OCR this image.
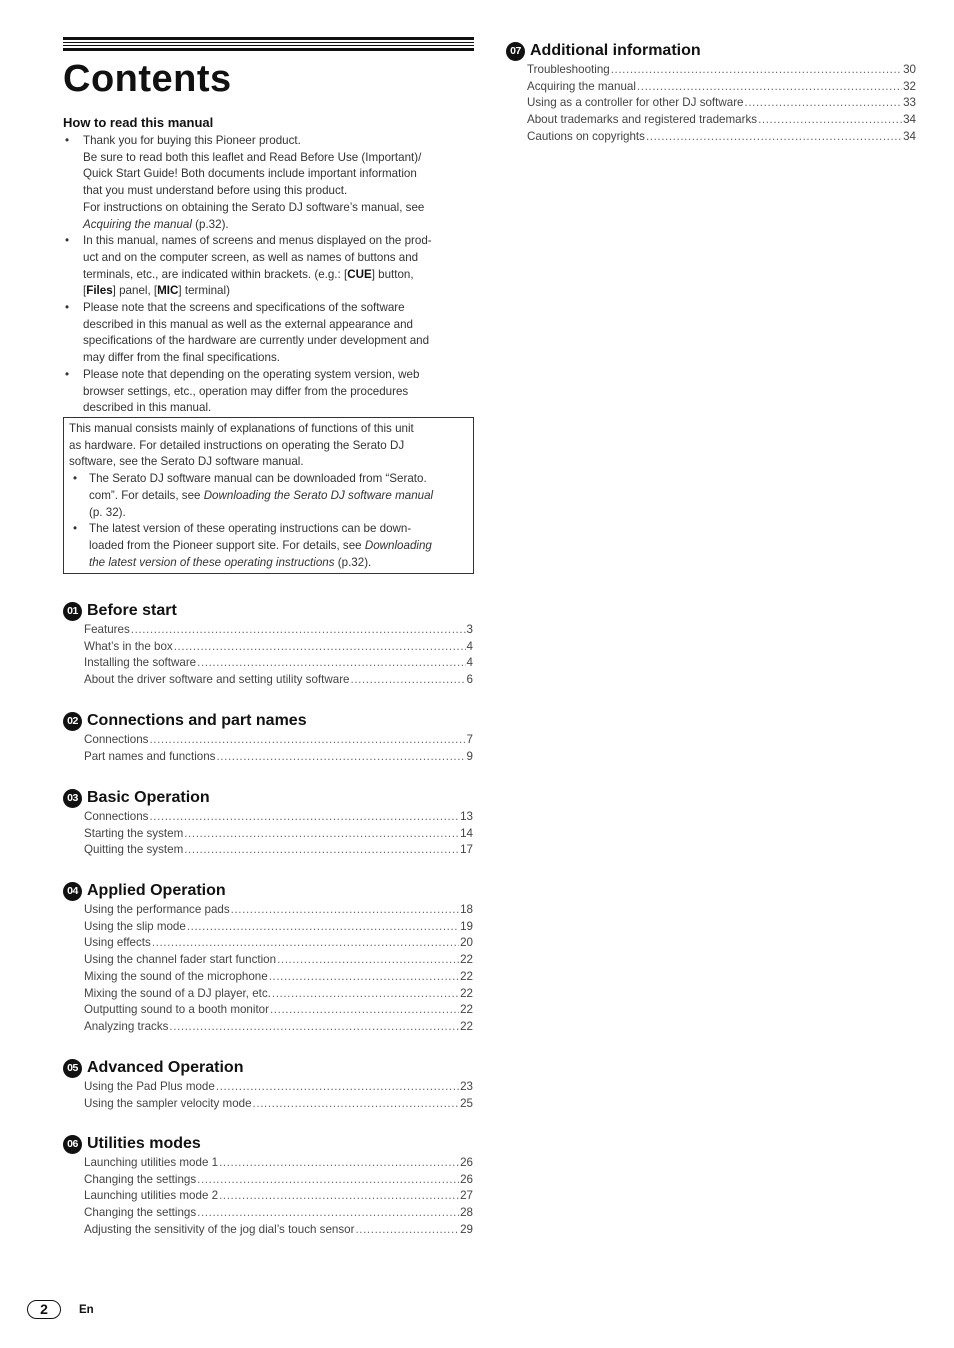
Contents
How to read this manual
• Thank you for buying this Pioneer product.
Be sure to read both this leaflet and Read Before Use (Important)/
Quick Start Guide! Both documents include important information
that you must understand before using this product.
For instructions on obtaining the Serato DJ software’s manual, see
Acquiring the manual (p.32).
• In this manual, names of screens and menus displayed on the prod-
uct and on the computer screen, as well as names of buttons and
terminals, etc., are indicated within brackets. (e.g.: [CUE] button,
[Files] panel, [MIC] terminal)
• Please note that the screens and specifications of the software
described in this manual as well as the external appearance and
specifications of the hardware are currently under development and
may differ from the final specifications.
• Please note that depending on the operating system version, web
browser settings, etc., operation may differ from the procedures
described in this manual.
This manual consists mainly of explanations of functions of this unit
as hardware. For detailed instructions on operating the Serato DJ
software, see the Serato DJ software manual.
• The Serato DJ software manual can be downloaded from “Serato.
com”. For details, see Downloading the Serato DJ software manual
(p. 32).
• The latest version of these operating instructions can be down-
loaded from the Pioneer support site. For details, see Downloading
the latest version of these operating instructions (p.32).
01 Before start
Features .....	3
What’s in the box .....	4
Installing the software .....	4
About the driver software and setting utility software .....	6
02 Connections and part names
Connections .....	7
Part names and functions .....	9
03 Basic Operation
Connections .....	13
Starting the system .....	14
Quitting the system .....	17
04 Applied Operation
Using the performance pads .....	18
Using the slip mode .....	19
Using effects .....	20
Using the channel fader start function .....	22
Mixing the sound of the microphone .....	22
Mixing the sound of a DJ player, etc. .....	22
Outputting sound to a booth monitor .....	22
Analyzing tracks .....	22
05 Advanced Operation
Using the Pad Plus mode .....	23
Using the sampler velocity mode .....	25
06 Utilities modes
Launching utilities mode 1 .....	26
Changing the settings .....	26
Launching utilities mode 2 .....	27
Changing the settings .....	28
Adjusting the sensitivity of the jog dial’s touch sensor .....	29
07 Additional information
Troubleshooting .....	30
Acquiring the manual .....	32
Using as a controller for other DJ software .....	33
About trademarks and registered trademarks .....	34
Cautions on copyrights .....	34
2	En
